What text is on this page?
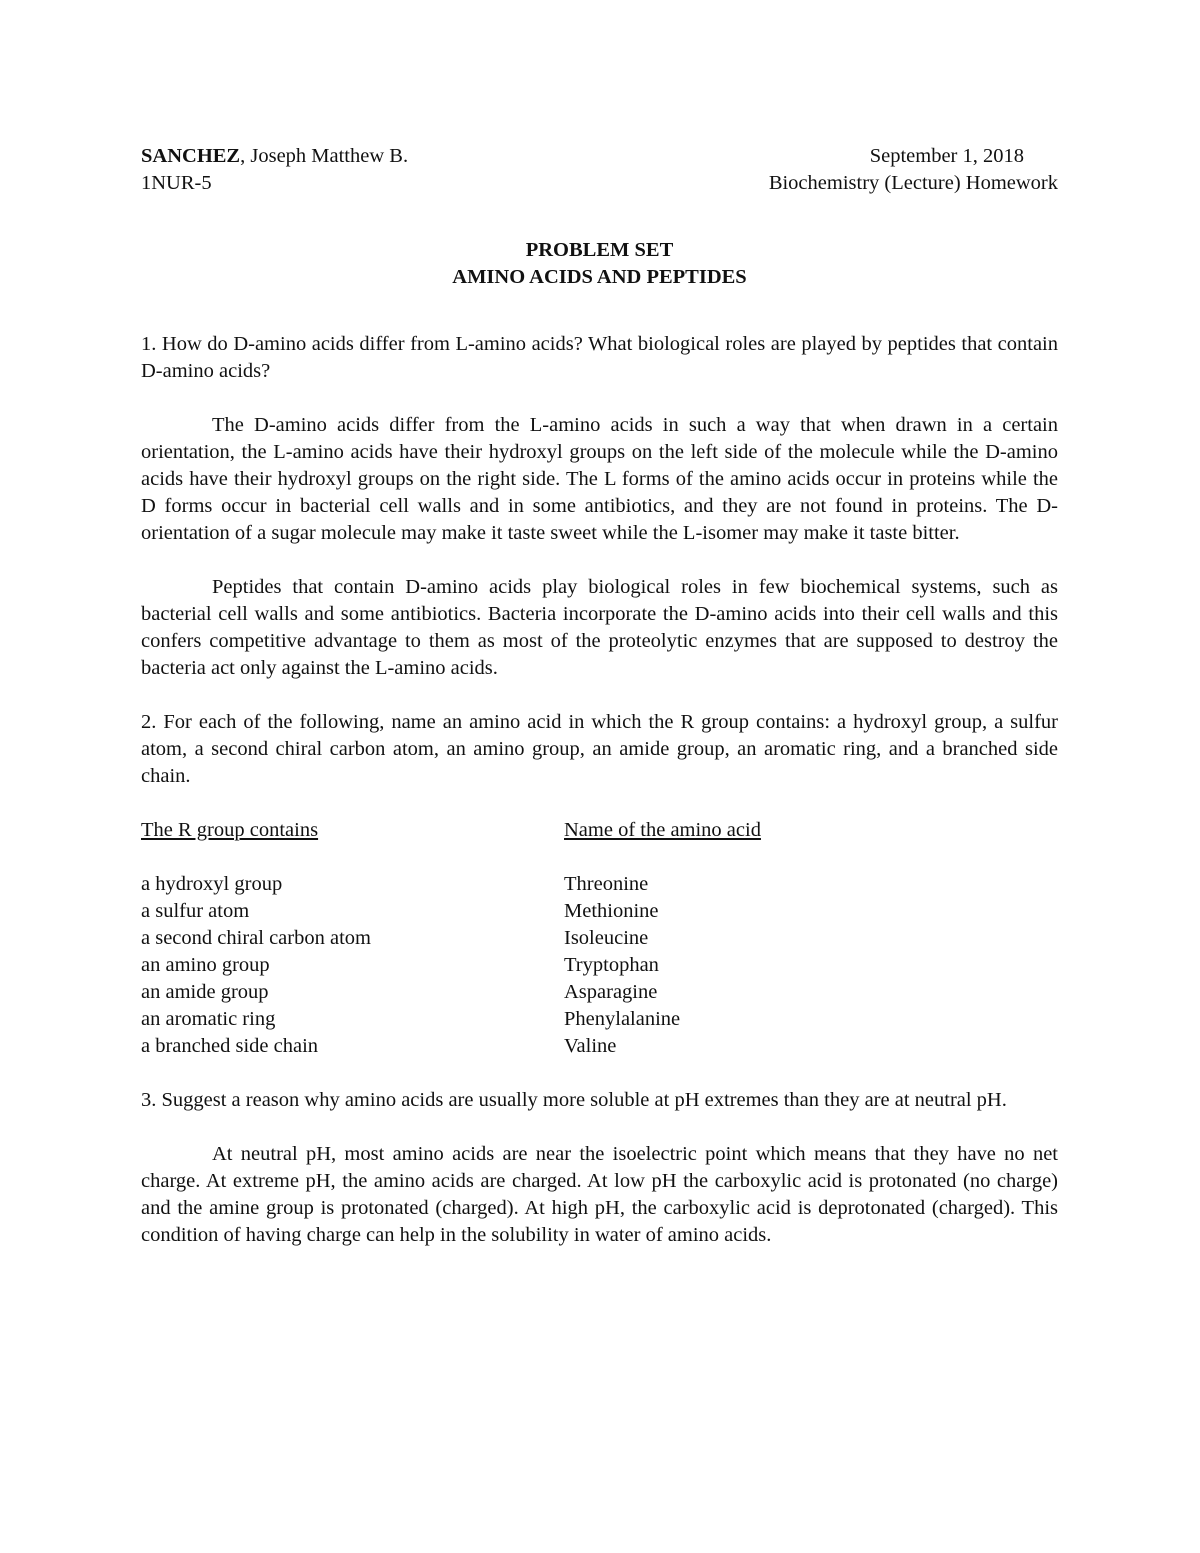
SANCHEZ, Joseph Matthew B.	September 1, 2018
1NUR-5	Biochemistry (Lecture) Homework
PROBLEM SET
AMINO ACIDS AND PEPTIDES
1. How do D-amino acids differ from L-amino acids? What biological roles are played by peptides that contain D-amino acids?
The D-amino acids differ from the L-amino acids in such a way that when drawn in a certain orientation, the L-amino acids have their hydroxyl groups on the left side of the molecule while the D-amino acids have their hydroxyl groups on the right side. The L forms of the amino acids occur in proteins while the D forms occur in bacterial cell walls and in some antibiotics, and they are not found in proteins. The D-orientation of a sugar molecule may make it taste sweet while the L-isomer may make it taste bitter.
Peptides that contain D-amino acids play biological roles in few biochemical systems, such as bacterial cell walls and some antibiotics. Bacteria incorporate the D-amino acids into their cell walls and this confers competitive advantage to them as most of the proteolytic enzymes that are supposed to destroy the bacteria act only against the L-amino acids.
2. For each of the following, name an amino acid in which the R group contains: a hydroxyl group, a sulfur atom, a second chiral carbon atom, an amino group, an amide group, an aromatic ring, and a branched side chain.
The R group contains	Name of the amino acid
a hydroxyl group	Threonine
a sulfur atom	Methionine
a second chiral carbon atom	Isoleucine
an amino group	Tryptophan
an amide group	Asparagine
an aromatic ring	Phenylalanine
a branched side chain	Valine
3. Suggest a reason why amino acids are usually more soluble at pH extremes than they are at neutral pH.
At neutral pH, most amino acids are near the isoelectric point which means that they have no net charge. At extreme pH, the amino acids are charged. At low pH the carboxylic acid is protonated (no charge) and the amine group is protonated (charged). At high pH, the carboxylic acid is deprotonated (charged). This condition of having charge can help in the solubility in water of amino acids.
